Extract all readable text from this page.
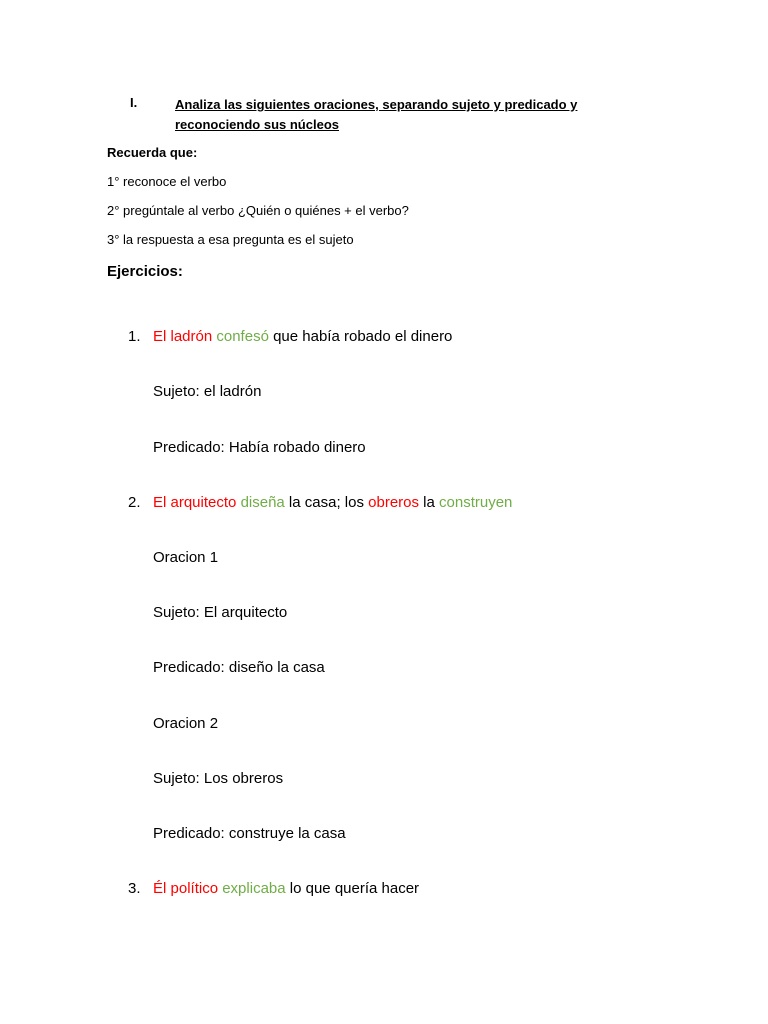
I.	Analiza las siguientes oraciones, separando sujeto y predicado y reconociendo sus núcleos
Recuerda que:
1° reconoce el verbo
2° pregúntale al verbo ¿Quién o quiénes + el verbo?
3° la respuesta a esa pregunta es el sujeto
Ejercicios:
1. El ladrón confesó que había robado el dinero
Sujeto: el ladrón
Predicado: Había robado dinero
2. El arquitecto diseña la casa; los obreros la construyen
Oracion 1
Sujeto: El arquitecto
Predicado: diseño la casa
Oracion 2
Sujeto: Los obreros
Predicado: construye la casa
3. Él político explicaba lo que quería hacer
